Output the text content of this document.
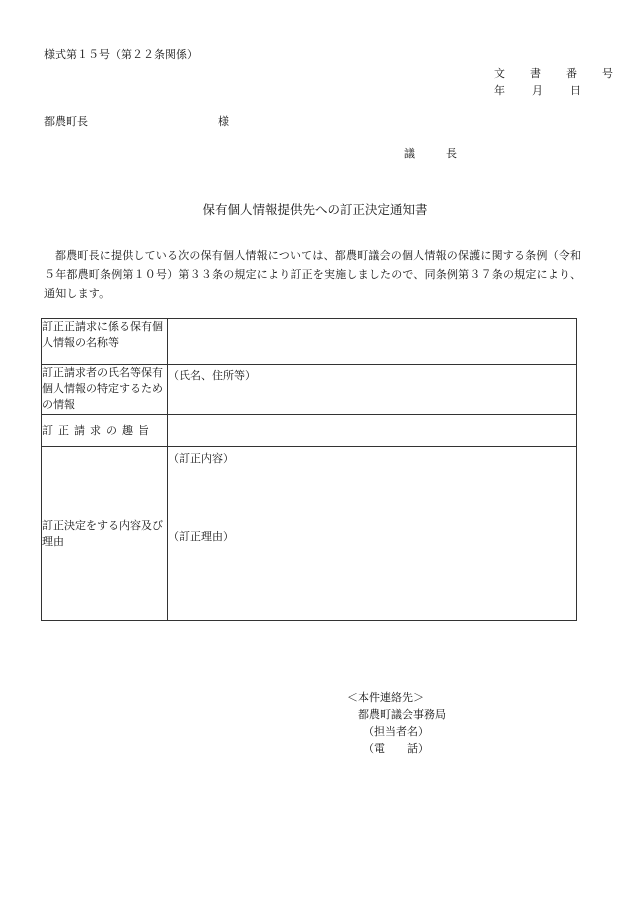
様式第１５号（第２２条関係）
文　書　番　号
年 月 日
都農町長	様
議　長
保有個人情報提供先への訂正決定通知書
都農町長に提供している次の保有個人情報については、都農町議会の個人情報の保護に関する条例（令和５年都農町条例第１０号）第３３条の規定により訂正を実施しましたので、同条例第３７条の規定により、通知します。
訂正正請求に係る保有個人情報の名称等	
訂正請求者の氏名等保有個人情報の特定するための情報	（氏名、住所等）
訂正請求の趣旨	
訂正決定をする内容及び理由	（訂正内容）
（訂正理由）
＜本件連絡先＞
都農町議会事務局
（担当者名）
（電　　話）
